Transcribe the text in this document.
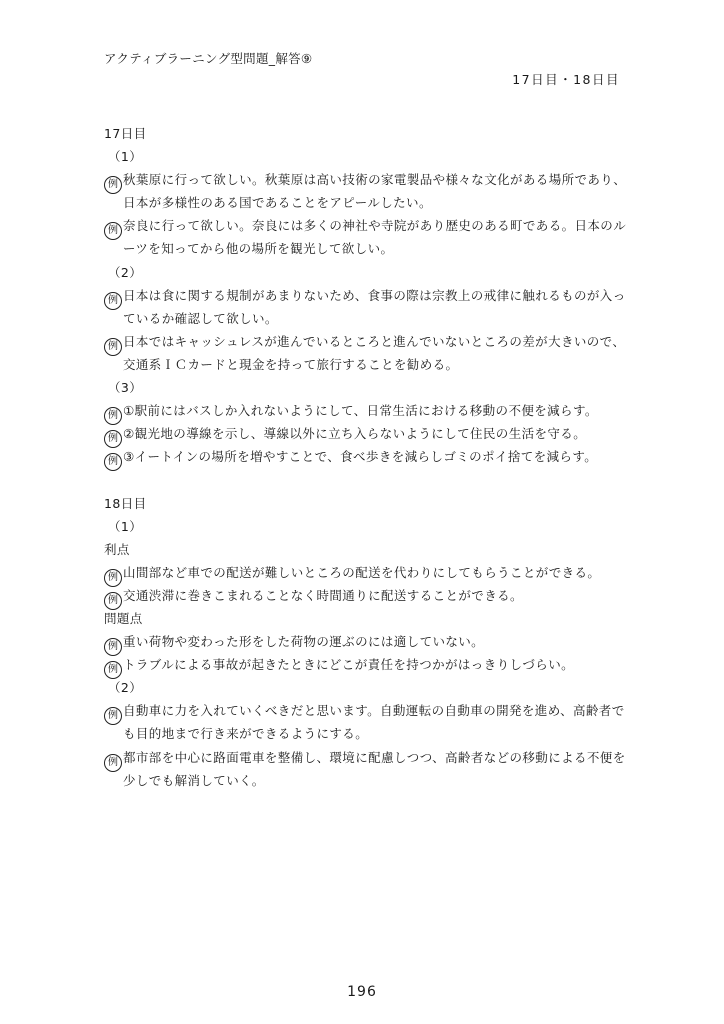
アクティブラーニング型問題_解答⑨
17日目・18日目
17日目
（1）
例 秋葉原に行って欲しい。秋葉原は高い技術の家電製品や様々な文化がある場所であり、
日本が多様性のある国であることをアピールしたい。
例 奈良に行って欲しい。奈良には多くの神社や寺院があり歴史のある町である。日本のル
ーツを知ってから他の場所を観光して欲しい。
（2）
例 日本は食に関する規制があまりないため、食事の際は宗教上の戒律に触れるものが入っ
ているか確認して欲しい。
例 日本ではキャッシュレスが進んでいるところと進んでいないところの差が大きいので、
交通系ＩＣカードと現金を持って旅行することを勧める。
（3）
例 ①駅前にはバスしか入れないようにして、日常生活における移動の不便を減らす。
例 ②観光地の導線を示し、導線以外に立ち入らないようにして住民の生活を守る。
例 ③イートインの場所を増やすことで、食べ歩きを減らしゴミのポイ捨てを減らす。
18日目
（1）
利点
例 山間部など車での配送が難しいところの配送を代わりにしてもらうことができる。
例 交通渋滞に巻きこまれることなく時間通りに配送することができる。
問題点
例 重い荷物や変わった形をした荷物の運ぶのには適していない。
例 トラブルによる事故が起きたときにどこが責任を持つかがはっきりしづらい。
（2）
例 自動車に力を入れていくべきだと思います。自動運転の自動車の開発を進め、高齢者で
も目的地まで行き来ができるようにする。
例 都市部を中心に路面電車を整備し、環境に配慮しつつ、高齢者などの移動による不便を
少しでも解消していく。
196
